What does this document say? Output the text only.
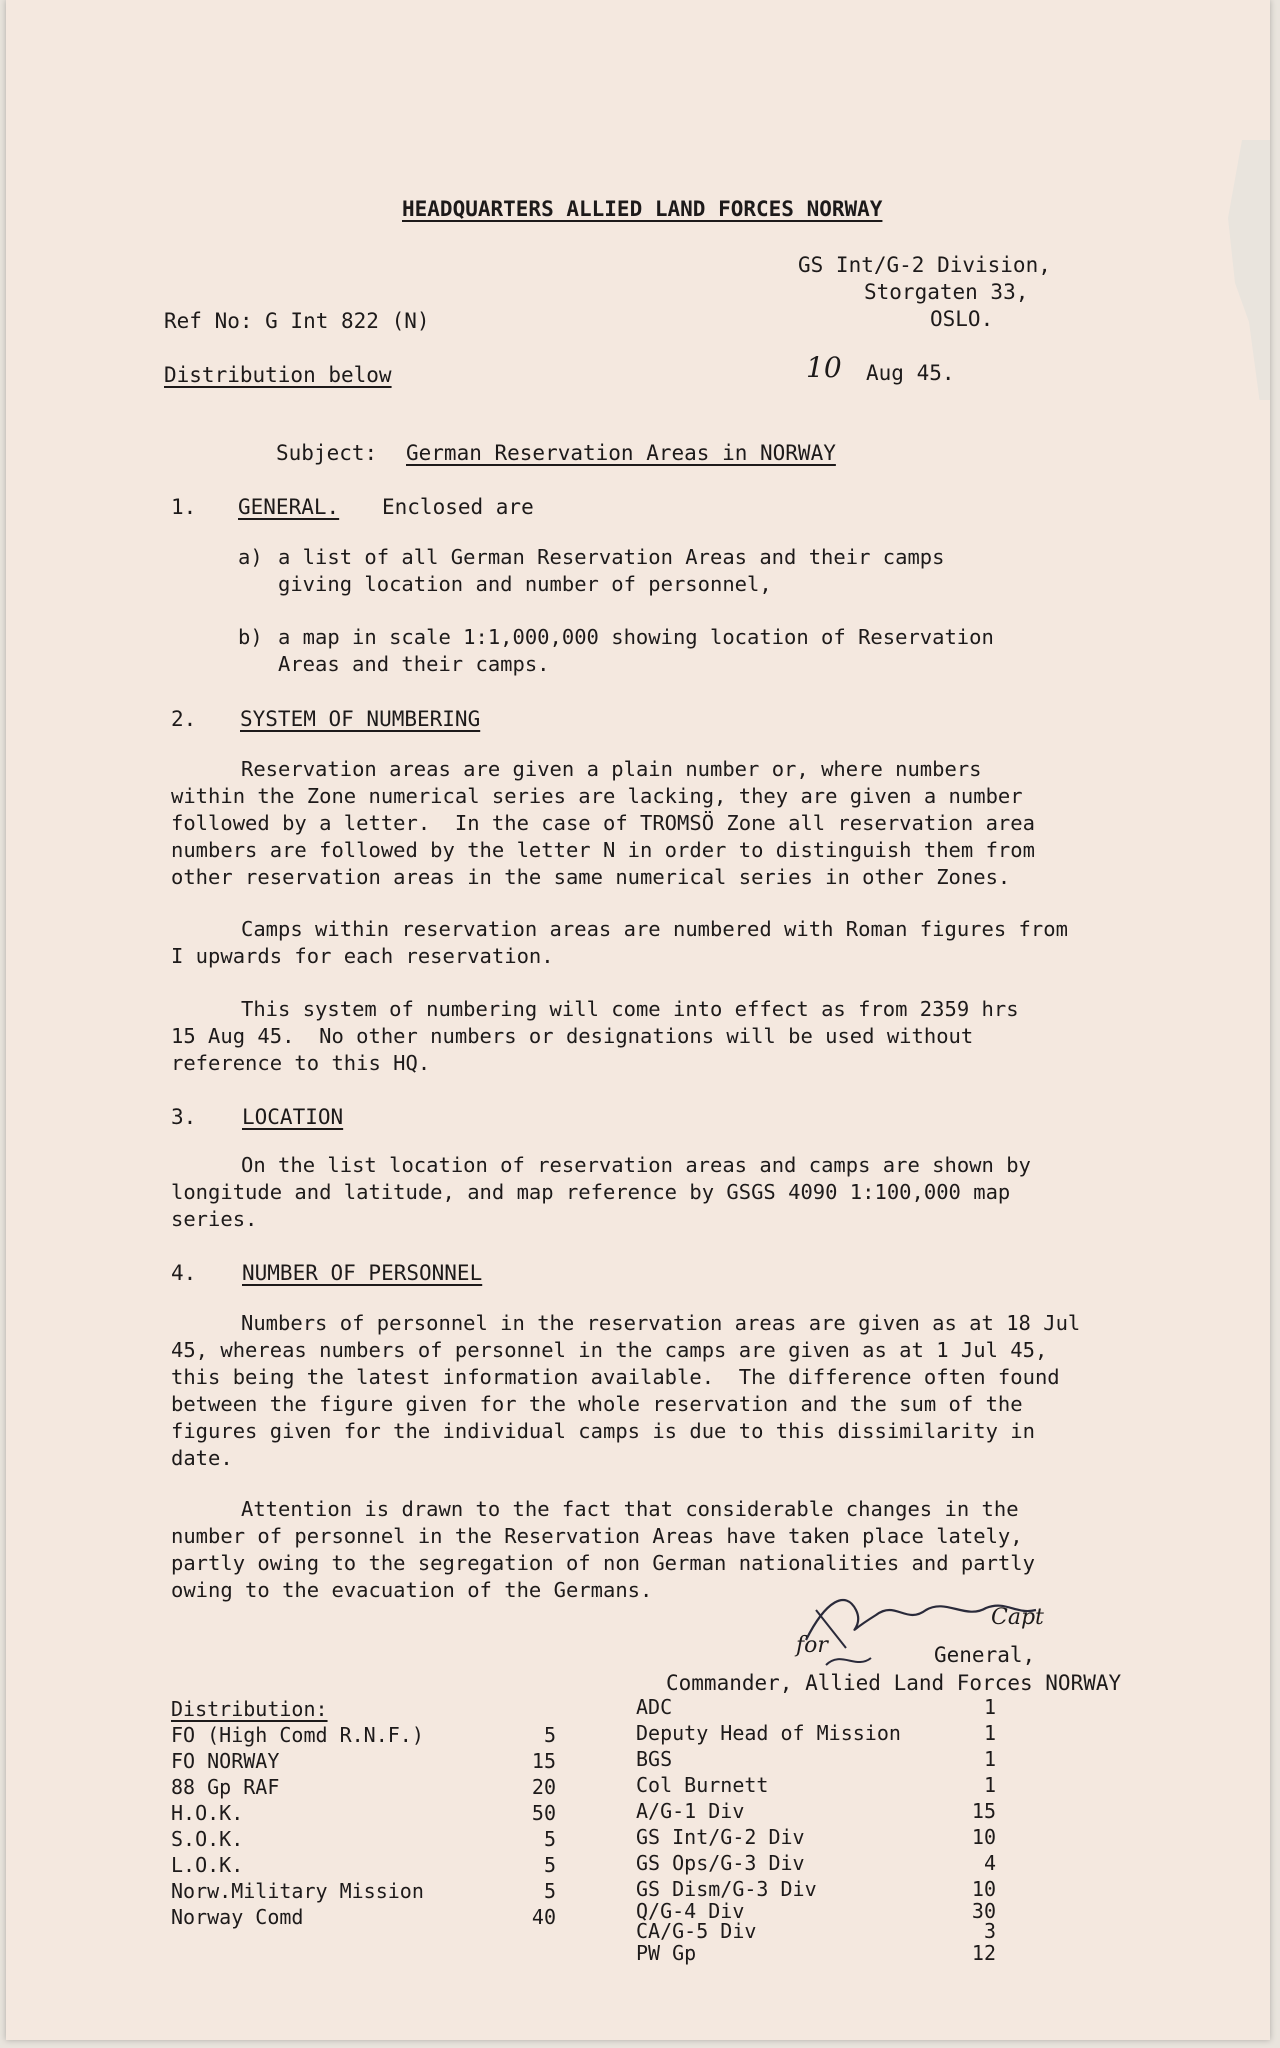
HEADQUARTERS ALLIED LAND FORCES NORWAY
GS Int/G-2 Division,
Storgaten 33,
OSLO.
Ref No: G Int 822 (N)
Distribution below	10 Aug 45.
Subject: German Reservation Areas in NORWAY
1. GENERAL. Enclosed are
a) a list of all German Reservation Areas and their camps
giving location and number of personnel,
b) a map in scale 1:1,000,000 showing location of Reservation
Areas and their camps.
2. SYSTEM OF NUMBERING
Reservation areas are given a plain number or, where numbers
within the Zone numerical series are lacking, they are given a number
followed by a letter.  In the case of TROMSÖ Zone all reservation area
numbers are followed by the letter N in order to distinguish them from
other reservation areas in the same numerical series in other Zones.
Camps within reservation areas are numbered with Roman figures from
I upwards for each reservation.
This system of numbering will come into effect as from 2359 hrs
15 Aug 45.  No other numbers or designations will be used without
reference to this HQ.
3. LOCATION
On the list location of reservation areas and camps are shown by
longitude and latitude, and map reference by GSGS 4090 1:100,000 map
series.
4. NUMBER OF PERSONNEL
Numbers of personnel in the reservation areas are given as at 18 Jul
45, whereas numbers of personnel in the camps are given as at 1 Jul 45,
this being the latest information available.  The difference often found
between the figure given for the whole reservation and the sum of the
figures given for the individual camps is due to this dissimilarity in
date.
Attention is drawn to the fact that considerable changes in the
number of personnel in the Reservation Areas have taken place lately,
partly owing to the segregation of non German nationalities and partly
owing to the evacuation of the Germans.
for
Capt
General,
Commander, Allied Land Forces NORWAY
Distribution:
FO (High Comd R.N.F.)	5
FO NORWAY	15
88 Gp RAF	20
H.O.K.	50
S.O.K.	5
L.O.K.	5
Norw.Military Mission	5
Norway Comd	40
ADC	1
Deputy Head of Mission	1
BGS	1
Col Burnett	1
A/G-1 Div	15
GS Int/G-2 Div	10
GS Ops/G-3 Div	4
GS Dism/G-3 Div	10
Q/G-4 Div	30
CA/G-5 Div	3
PW Gp	12
